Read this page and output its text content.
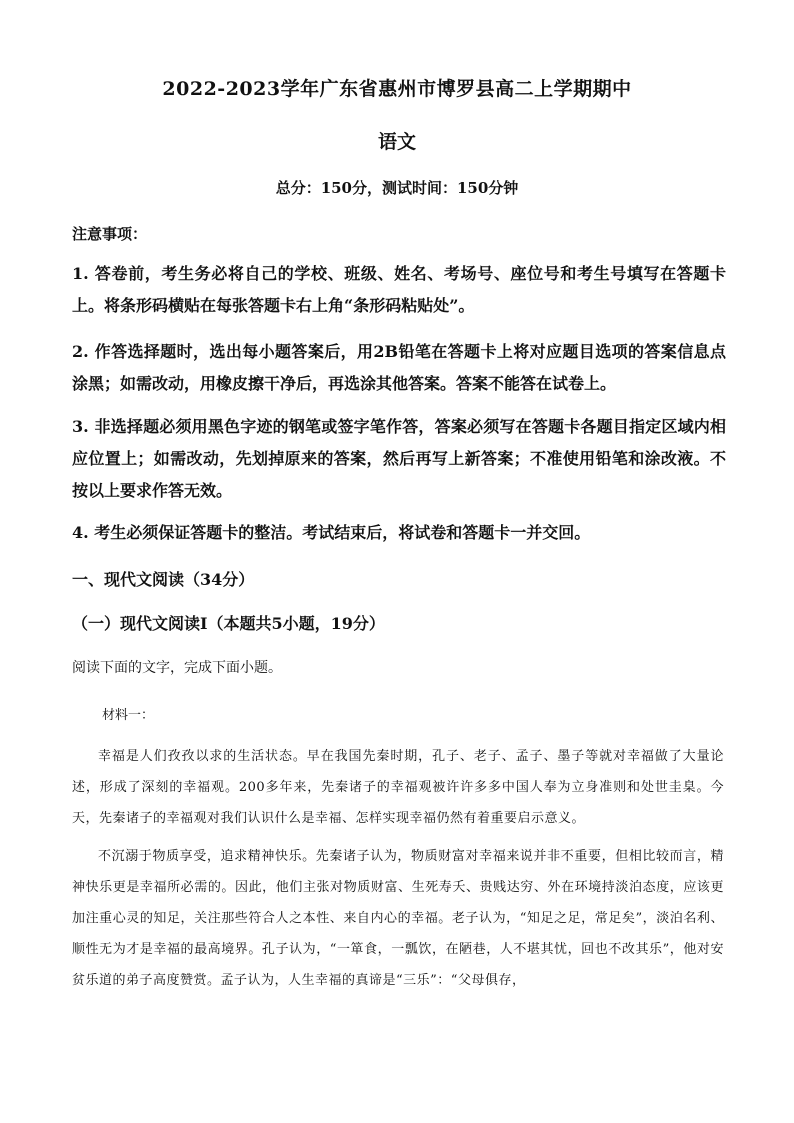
2022-2023学年广东省惠州市博罗县高二上学期期中
语文
总分：150分，测试时间：150分钟
注意事项：
1. 答卷前，考生务必将自己的学校、班级、姓名、考场号、座位号和考生号填写在答题卡上。将条形码横贴在每张答题卡右上角“条形码粘贴处”。
2. 作答选择题时，选出每小题答案后，用2B铅笔在答题卡上将对应题目选项的答案信息点涂黑；如需改动，用橡皮擦干净后，再选涂其他答案。答案不能答在试卷上。
3. 非选择题必须用黑色字迹的钢笔或签字笔作答，答案必须写在答题卡各题目指定区域内相应位置上；如需改动，先划掉原来的答案，然后再写上新答案；不准使用铅笔和涂改液。不按以上要求作答无效。
4. 考生必须保证答题卡的整洁。考试结束后，将试卷和答题卡一并交回。
一、现代文阅读（34分）
（一）现代文阅读Ⅰ（本题共5小题，19分）
阅读下面的文字，完成下面小题。
材料一：
幸福是人们孜孜以求的生活状态。早在我国先秦时期，孔子、老子、孟子、墨子等就对幸福做了大量论述，形成了深刻的幸福观。200多年来，先秦诸子的幸福观被许许多多中国人奉为立身准则和处世圭臬。今天，先秦诸子的幸福观对我们认识什么是幸福、怎样实现幸福仍然有着重要启示意义。
不沉溺于物质享受，追求精神快乐。先秦诸子认为，物质财富对幸福来说并非不重要，但相比较而言，精神快乐更是幸福所必需的。因此，他们主张对物质财富、生死寿夭、贵贱达穷、外在环境持淡泊态度，应该更加注重心灵的知足，关注那些符合人之本性、来自内心的幸福。老子认为，“知足之足，常足矣”，淡泊名利、顺性无为才是幸福的最高境界。孔子认为，“一箪食，一瓢饮，在陋巷，人不堪其忧，回也不改其乐”，他对安贫乐道的弟子高度赞赏。孟子认为，人生幸福的真谛是“三乐”：“父母俱存，
